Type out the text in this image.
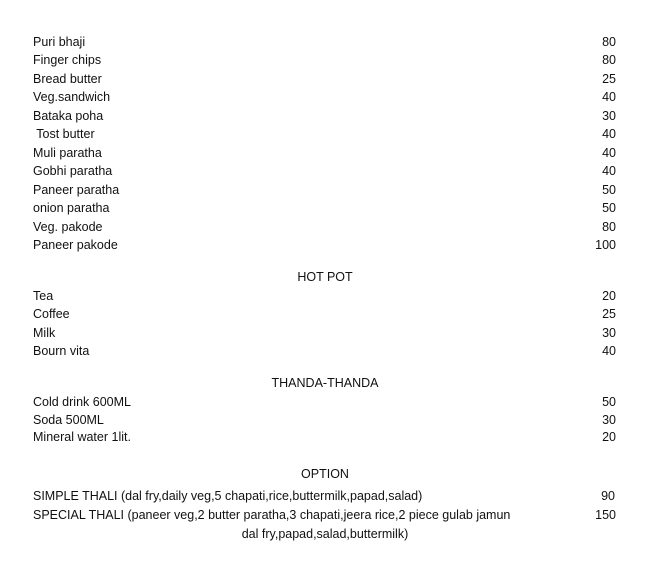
Puri bhaji	80
Finger chips	80
Bread butter	25
Veg.sandwich	40
Bataka poha	30
Tost butter	40
Muli paratha	40
Gobhi paratha	40
Paneer paratha	50
onion paratha	50
Veg. pakode	80
Paneer pakode	100
HOT POT
Tea	20
Coffee	25
Milk	30
Bourn vita	40
THANDA-THANDA
Cold drink 600ML	50
Soda 500ML	30
Mineral water 1lit.	20
OPTION
SIMPLE THALI (dal fry,daily veg,5 chapati,rice,buttermilk,papad,salad)	90
SPECIAL THALI (paneer veg,2 butter paratha,3 chapati,jeera rice,2 piece gulab jamun	150
dal fry,papad,salad,buttermilk)
